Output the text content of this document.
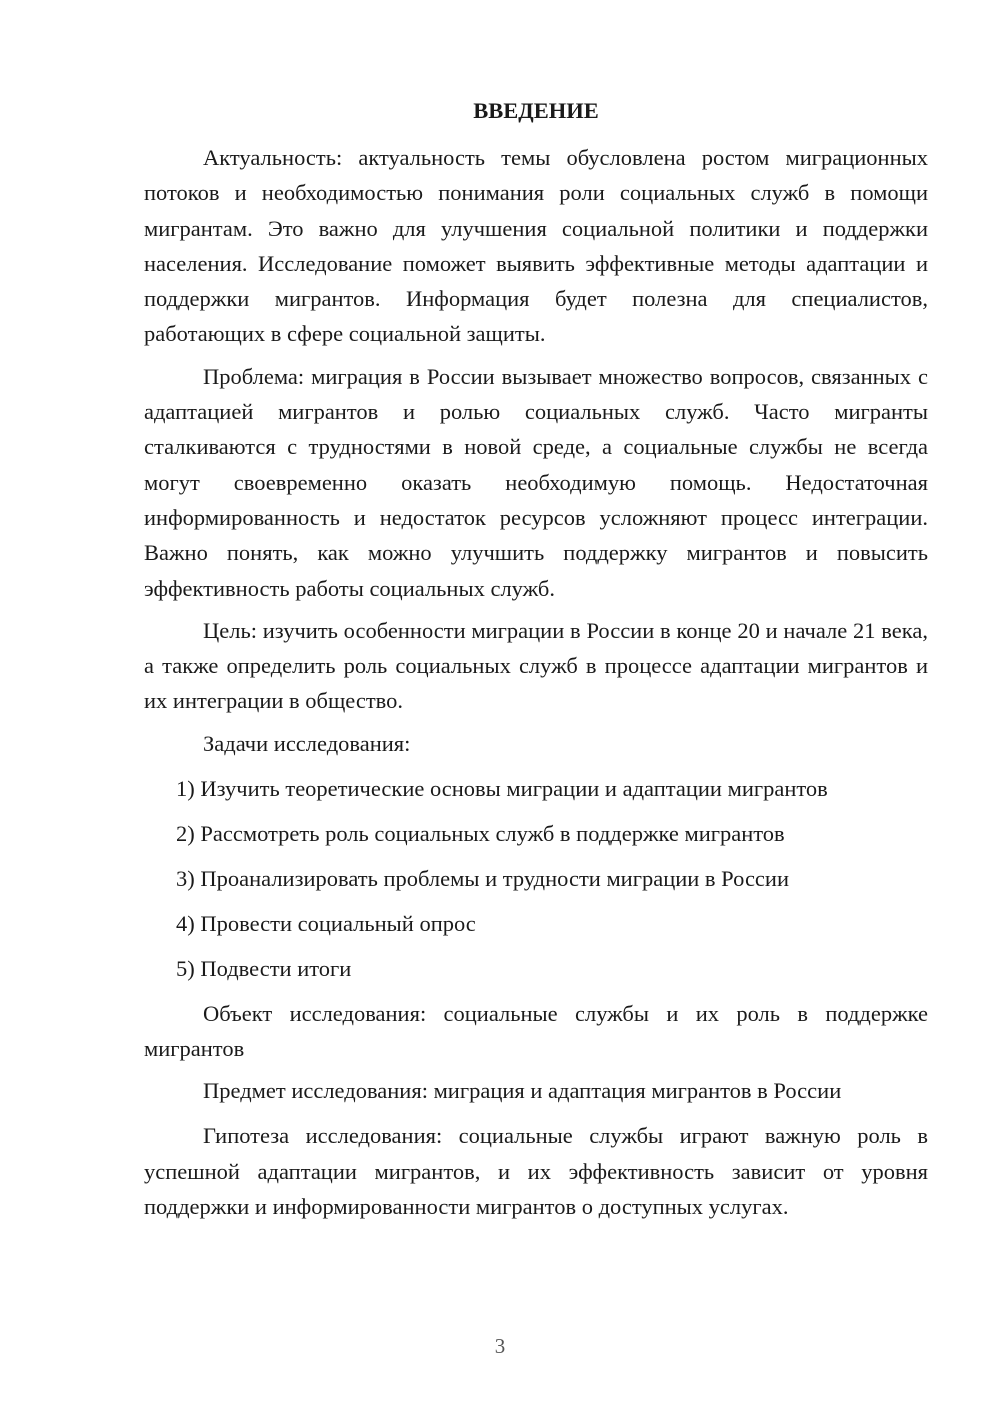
ВВЕДЕНИЕ

Актуальность: актуальность темы обусловлена ростом миграционных потоков и необходимостью понимания роли социальных служб в помощи мигрантам. Это важно для улучшения социальной политики и поддержки населения. Исследование поможет выявить эффективные методы адаптации и поддержки мигрантов. Информация будет полезна для специалистов, работающих в сфере социальной защиты.

Проблема: миграция в России вызывает множество вопросов, связанных с адаптацией мигрантов и ролью социальных служб. Часто мигранты сталкиваются с трудностями в новой среде, а социальные службы не всегда могут своевременно оказать необходимую помощь. Недостаточная информированность и недостаток ресурсов усложняют процесс интеграции. Важно понять, как можно улучшить поддержку мигрантов и повысить эффективность работы социальных служб.

Цель: изучить особенности миграции в России в конце 20 и начале 21 века, а также определить роль социальных служб в процессе адаптации мигрантов и их интеграции в общество.

Задачи исследования:

1) Изучить теоретические основы миграции и адаптации мигрантов
2) Рассмотреть роль социальных служб в поддержке мигрантов
3) Проанализировать проблемы и трудности миграции в России
4) Провести социальный опрос
5) Подвести итоги

Объект исследования: социальные службы и их роль в поддержке мигрантов

Предмет исследования: миграция и адаптация мигрантов в России

Гипотеза исследования: социальные службы играют важную роль в успешной адаптации мигрантов, и их эффективность зависит от уровня поддержки и информированности мигрантов о доступных услугах.

3
